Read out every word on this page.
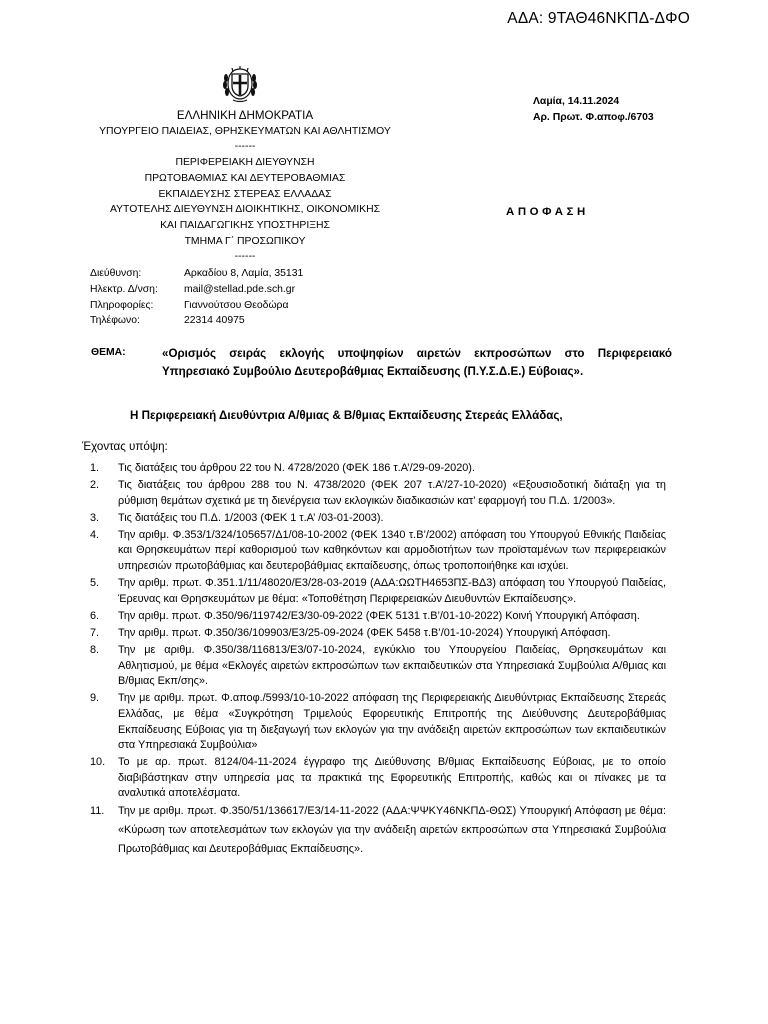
ΑΔΑ: 9ΤΑΘ46ΝΚΠΔ-ΔΦΟ
ΕΛΛΗΝΙΚΗ ΔΗΜΟΚΡΑΤΙΑ
ΥΠΟΥΡΓΕΙΟ ΠΑΙΔΕΙΑΣ, ΘΡΗΣΚΕΥΜΑΤΩΝ ΚΑΙ ΑΘΛΗΤΙΣΜΟΥ
------
ΠΕΡΙΦΕΡΕΙΑΚΗ ΔΙΕΥΘΥΝΣΗ
ΠΡΩΤΟΒΑΘΜΙΑΣ ΚΑΙ ΔΕΥΤΕΡΟΒΑΘΜΙΑΣ
ΕΚΠΑΙΔΕΥΣΗΣ ΣΤΕΡΕΑΣ ΕΛΛΑΔΑΣ
ΑΥΤΟΤΕΛΗΣ ΔΙΕΥΘΥΝΣΗ ΔΙΟΙΚΗΤΙΚΗΣ, ΟΙΚΟΝΟΜΙΚΗΣ
ΚΑΙ ΠΑΙΔΑΓΩΓΙΚΗΣ ΥΠΟΣΤΗΡΙΞΗΣ
ΤΜΗΜΑ Γ΄ ΠΡΟΣΩΠΙΚΟΥ
------
Λαμία, 14.11.2024
Αρ. Πρωτ. Φ.αποφ./6703
ΑΠΟΦΑΣΗ
Διεύθυνση:	Αρκαδίου 8, Λαμία, 35131
Ηλεκτρ. Δ/νση:	mail@stellad.pde.sch.gr
Πληροφορίες:	Γιαννούτσου Θεοδώρα
Τηλέφωνο:	22314 40975
ΘΕΜΑ:	«Ορισμός σειράς εκλογής υποψηφίων αιρετών εκπροσώπων στο Περιφερειακό Υπηρεσιακό Συμβούλιο Δευτεροβάθμιας Εκπαίδευσης (Π.Υ.Σ.Δ.Ε.) Εύβοιας».
Η Περιφερειακή Διευθύντρια Α/θμιας & Β/θμιας Εκπαίδευσης Στερεάς Ελλάδας,
Έχοντας υπόψη:
1. Τις διατάξεις του άρθρου 22 του Ν. 4728/2020 (ΦΕΚ 186 τ.Α’/29-09-2020).
2. Τις διατάξεις του άρθρου 288 του Ν. 4738/2020 (ΦΕΚ 207 τ.Α’/27-10-2020) «Εξουσιοδοτική διάταξη για τη ρύθμιση θεμάτων σχετικά με τη διενέργεια των εκλογικών διαδικασιών κατ’ εφαρμογή του Π.Δ. 1/2003».
3. Τις διατάξεις του Π.Δ. 1/2003 (ΦΕΚ 1 τ.Α’ /03-01-2003).
4. Την αριθμ. Φ.353/1/324/105657/Δ1/08-10-2002 (ΦΕΚ 1340 τ.Β’/2002) απόφαση του Υπουργού Εθνικής Παιδείας και Θρησκευμάτων περί καθορισμού των καθηκόντων και αρμοδιοτήτων των προϊσταμένων των περιφερειακών υπηρεσιών πρωτοβάθμιας και δευτεροβάθμιας εκπαίδευσης, όπως τροποποιήθηκε και ισχύει.
5. Την αριθμ. πρωτ. Φ.351.1/11/48020/Ε3/28-03-2019 (ΑΔΑ:ΩΩΤΗ4653ΠΣ-ΒΔ3) απόφαση του Υπουργού Παιδείας, Έρευνας και Θρησκευμάτων με θέμα: «Τοποθέτηση Περιφερειακών Διευθυντών Εκπαίδευσης».
6. Την αριθμ. πρωτ. Φ.350/96/119742/Ε3/30-09-2022 (ΦΕΚ 5131 τ.Β’/01-10-2022) Κοινή Υπουργική Απόφαση.
7. Την αριθμ. πρωτ. Φ.350/36/109903/Ε3/25-09-2024 (ΦΕΚ 5458 τ.Β’/01-10-2024) Υπουργική Απόφαση.
8. Την με αριθμ. Φ.350/38/116813/Ε3/07-10-2024, εγκύκλιο του Υπουργείου Παιδείας, Θρησκευμάτων και Αθλητισμού, με θέμα «Εκλογές αιρετών εκπροσώπων των εκπαιδευτικών στα Υπηρεσιακά Συμβούλια Α/θμιας και Β/θμιας Εκπ/σης».
9. Την με αριθμ. πρωτ. Φ.αποφ./5993/10-10-2022 απόφαση της Περιφερειακής Διευθύντριας Εκπαίδευσης Στερεάς Ελλάδας, με θέμα «Συγκρότηση Τριμελούς Εφορευτικής Επιτροπής της Διεύθυνσης Δευτεροβάθμιας Εκπαίδευσης Εύβοιας για τη διεξαγωγή των εκλογών για την ανάδειξη αιρετών εκπροσώπων των εκπαιδευτικών στα Υπηρεσιακά Συμβούλια»
10. Το με αρ. πρωτ. 8124/04-11-2024 έγγραφο της Διεύθυνσης Β/θμιας Εκπαίδευσης Εύβοιας, με το οποίο διαβιβάστηκαν στην υπηρεσία μας τα πρακτικά της Εφορευτικής Επιτροπής, καθώς και οι πίνακες με τα αναλυτικά αποτελέσματα.
11. Την με αριθμ. πρωτ. Φ.350/51/136617/Ε3/14-11-2022 (ΑΔΑ:ΨΨΚΥ46ΝΚΠΔ-ΘΩΣ) Υπουργική Απόφαση με θέμα: «Κύρωση των αποτελεσμάτων των εκλογών για την ανάδειξη αιρετών εκπροσώπων στα Υπηρεσιακά Συμβούλια Πρωτοβάθμιας και Δευτεροβάθμιας Εκπαίδευσης».
